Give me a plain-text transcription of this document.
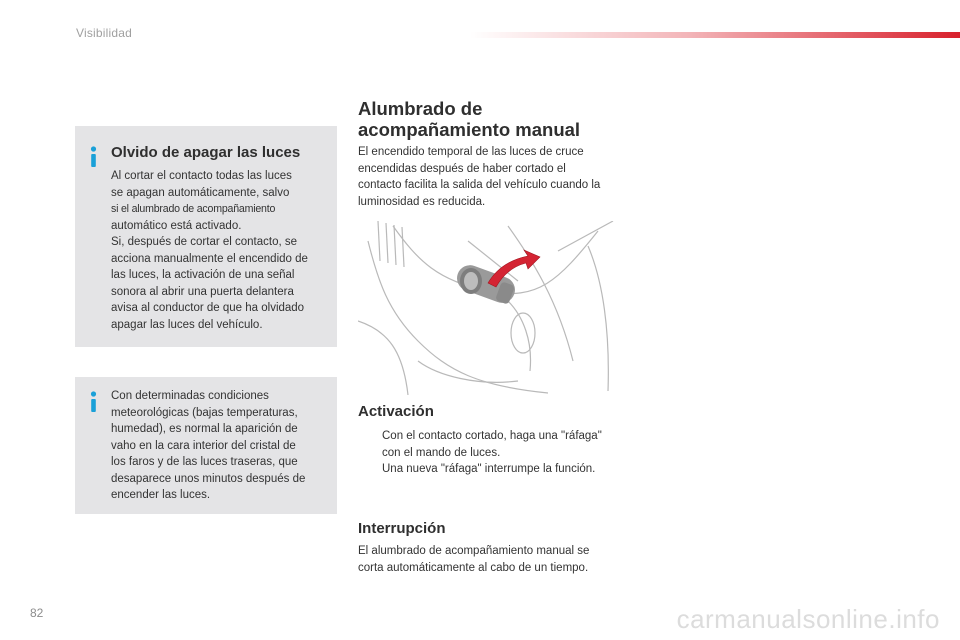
Visibilidad
Olvido de apagar las luces
Al cortar el contacto todas las luces
se apagan automáticamente, salvo
si el alumbrado de acompañamiento
automático está activado.
Si, después de cortar el contacto, se
acciona manualmente el encendido de
las luces, la activación de una señal
sonora al abrir una puerta delantera
avisa al conductor de que ha olvidado
apagar las luces del vehículo.
Con determinadas condiciones
meteorológicas (bajas temperaturas,
humedad), es normal la aparición de
vaho en la cara interior del cristal de
los faros y de las luces traseras, que
desaparece unos minutos después de
encender las luces.
Alumbrado de
acompañamiento manual
El encendido temporal de las luces de cruce
encendidas después de haber cortado el
contacto facilita la salida del vehículo cuando la
luminosidad es reducida.
Activación
Con el contacto cortado, haga una "ráfaga"
con el mando de luces.
Una nueva "ráfaga" interrumpe la función.
Interrupción
El alumbrado de acompañamiento manual se
corta automáticamente al cabo de un tiempo.
82	carmanualsonline.info
